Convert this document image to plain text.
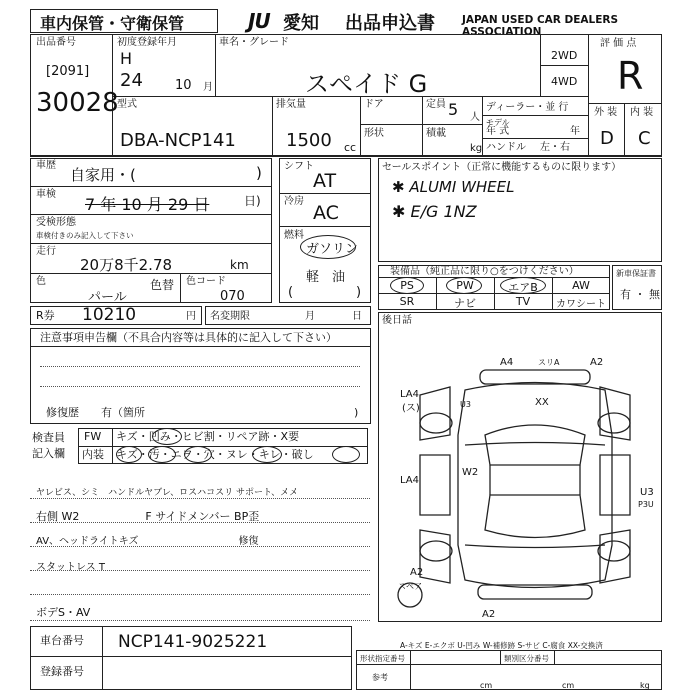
車内保管・守衛保管	JU 愛知 出品申込書	JAPAN USED CAR DEALERS ASSOCIATION
出品番号
[2091]
30028
初度登録年月
H
24 10 月
車名・グレード
スペイド G
2WD
4WD
評 価 点
R
外 装 内 装
D C
型式
DBA-NCP141
排気量
1500 cc
ドア
形状
定員 5 人
積載
kg
ディーラー・並 行
モデル
年 式	年
ハンドル 左・右
車歴
自家用・(	)
車検
7 年 10 月 29 日	日)
受検形態
車検付きのみ記入して下さい
走行
20万8千2.78	km
色
パール
色替 色コード
070
シフト
AT
冷房
AC
燃料
ガソリン
軽　油
(	)
セールスポイント（正常に機能するものに限ります）
✱ ALUMI WHEEL
✱ E/G 1NZ
装備品（純正品に限り○をつけください）
PS	PW	エアB	AW
SR	ナビ	TV	カワシート
新車保証書
有 ・ 無
R券 10210	円 名変期限	月	日
注意事項申告欄（不具合内容等は具体的に記入して下さい）
修復歴　　有（箇所	)
後日話
検査員
記入欄
FW キズ・凹み・ヒビ割・リペア跡・X要
内装 キズ・汚・ニヲ・穴・ヌレ・キレ・破し
ヤレビス、シミ　ハンドルヤブレ、ロスハコスリ サポート、メメ
右側 W2　　　　　　F サイドメンバー BP歪
AV、ヘッドライトキズ　　　　　　　　　　修復
スタットレス T
ボデS・AV
A4	スリA	A2
LA4
(ス)	U3	XX
LA4
W2
U3
P3U
A2
A2
スペア
A-キズ E-エクボ U-凹み W-補修跡 S-サビ C-腐食 XX-交換済
車台番号 NCP141-9025221
登録番号
形状指定番号	類別区分番号
参考
cm	cm	kg
